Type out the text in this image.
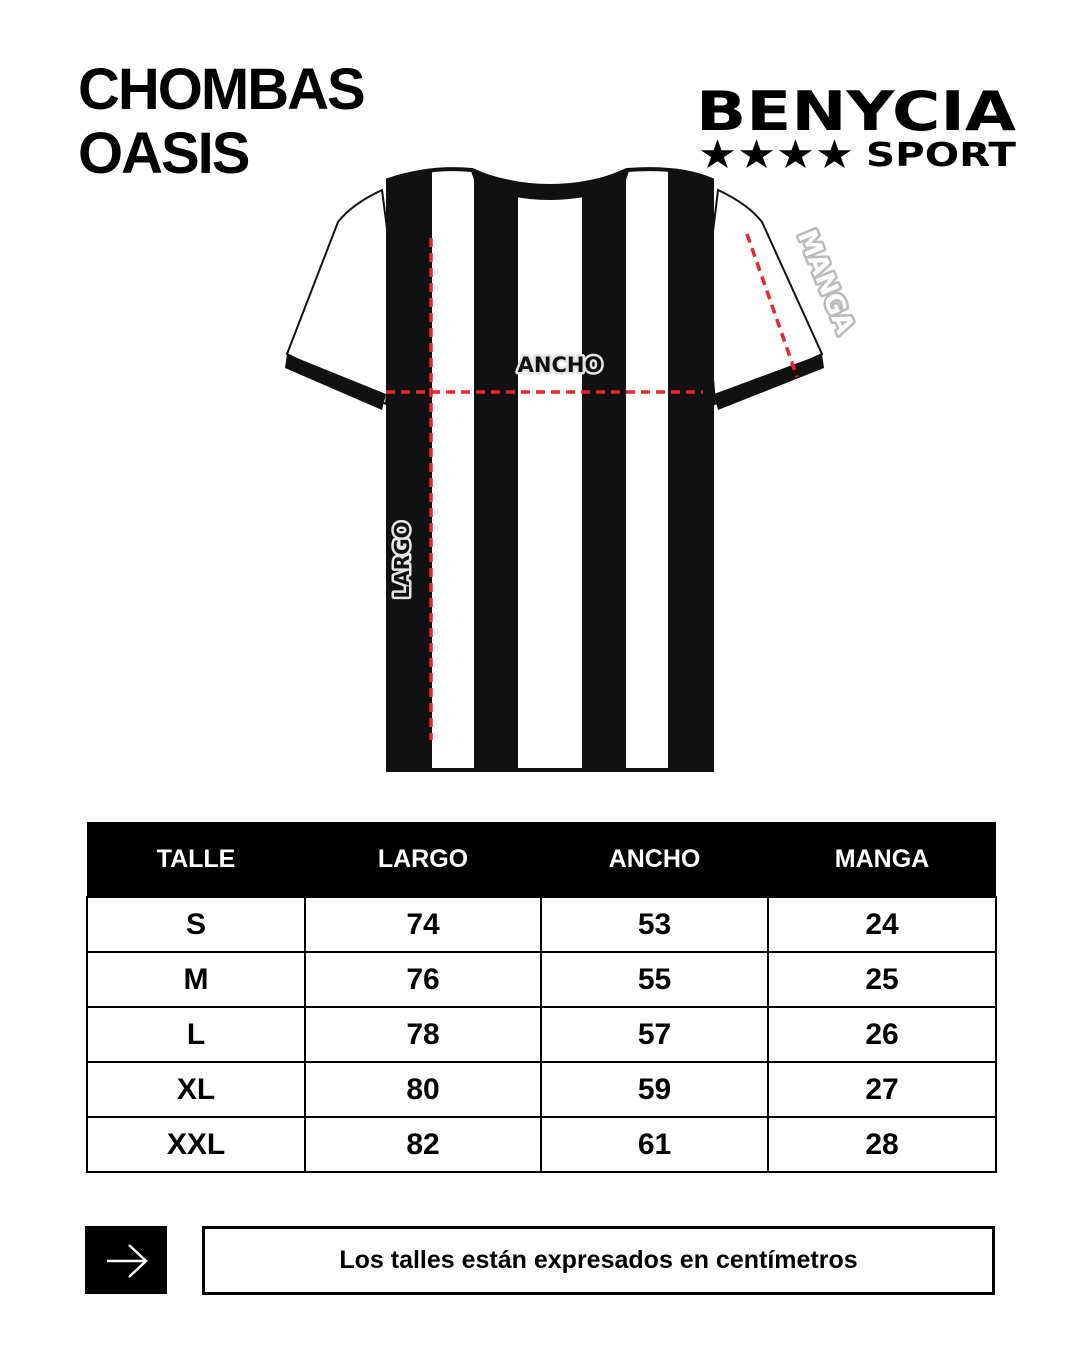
CHOMBAS
OASIS
BENYCIA
★★★★ SPORT
ANCHO
LARGO
MANGA
TALLE	LARGO	ANCHO	MANGA
S	74	53	24
M	76	55	25
L	78	57	26
XL	80	59	27
XXL	82	61	28
Los talles están expresados en centímetros
